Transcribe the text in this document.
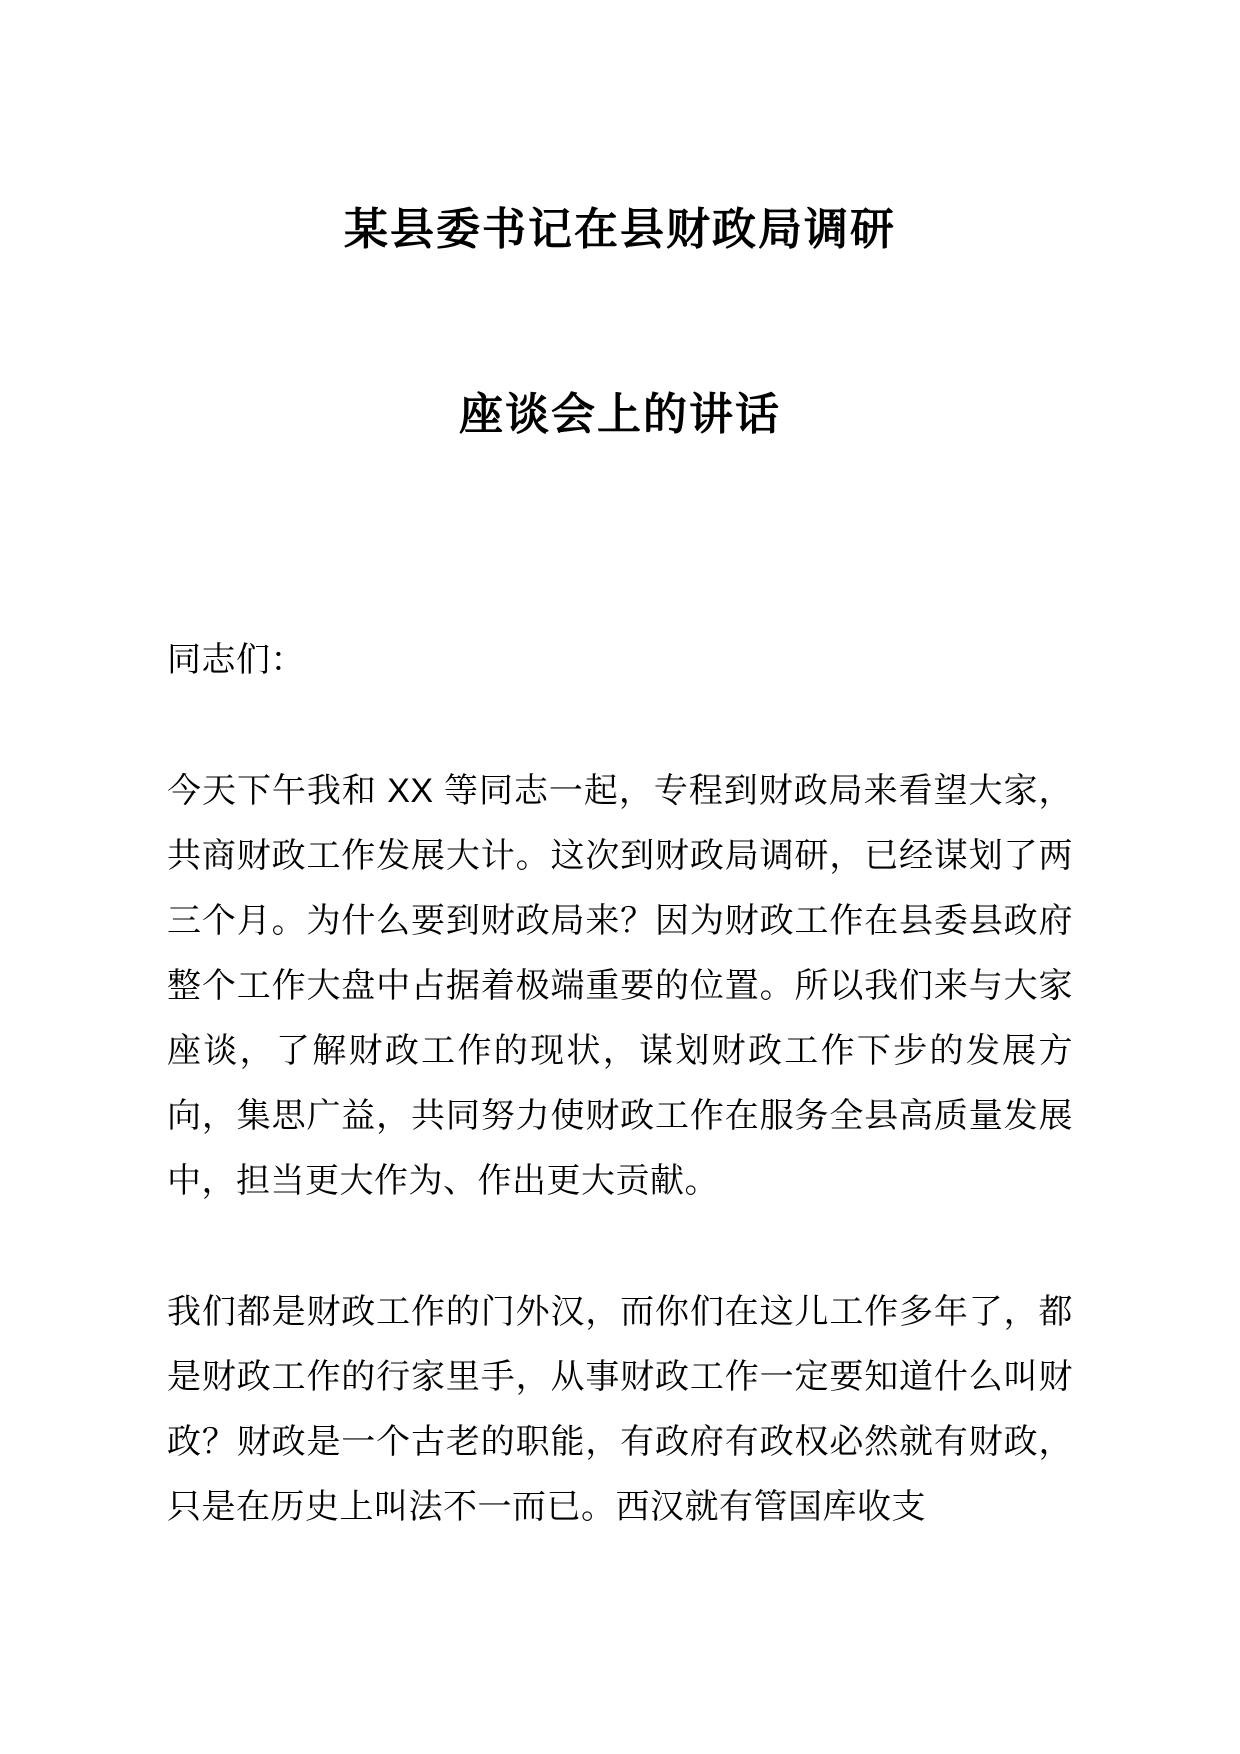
某县委书记在县财政局调研
座谈会上的讲话

同志们：

今天下午我和 XX 等同志一起，专程到财政局来看望大家，共商财政工作发展大计。这次到财政局调研，已经谋划了两三个月。为什么要到财政局来？因为财政工作在县委县政府整个工作大盘中占据着极端重要的位置。所以我们来与大家座谈，了解财政工作的现状，谋划财政工作下步的发展方向，集思广益，共同努力使财政工作在服务全县高质量发展中，担当更大作为、作出更大贡献。

我们都是财政工作的门外汉，而你们在这儿工作多年了，都是财政工作的行家里手，从事财政工作一定要知道什么叫财政？财政是一个古老的职能，有政府有政权必然就有财政，只是在历史上叫法不一而已。西汉就有管国库收支
